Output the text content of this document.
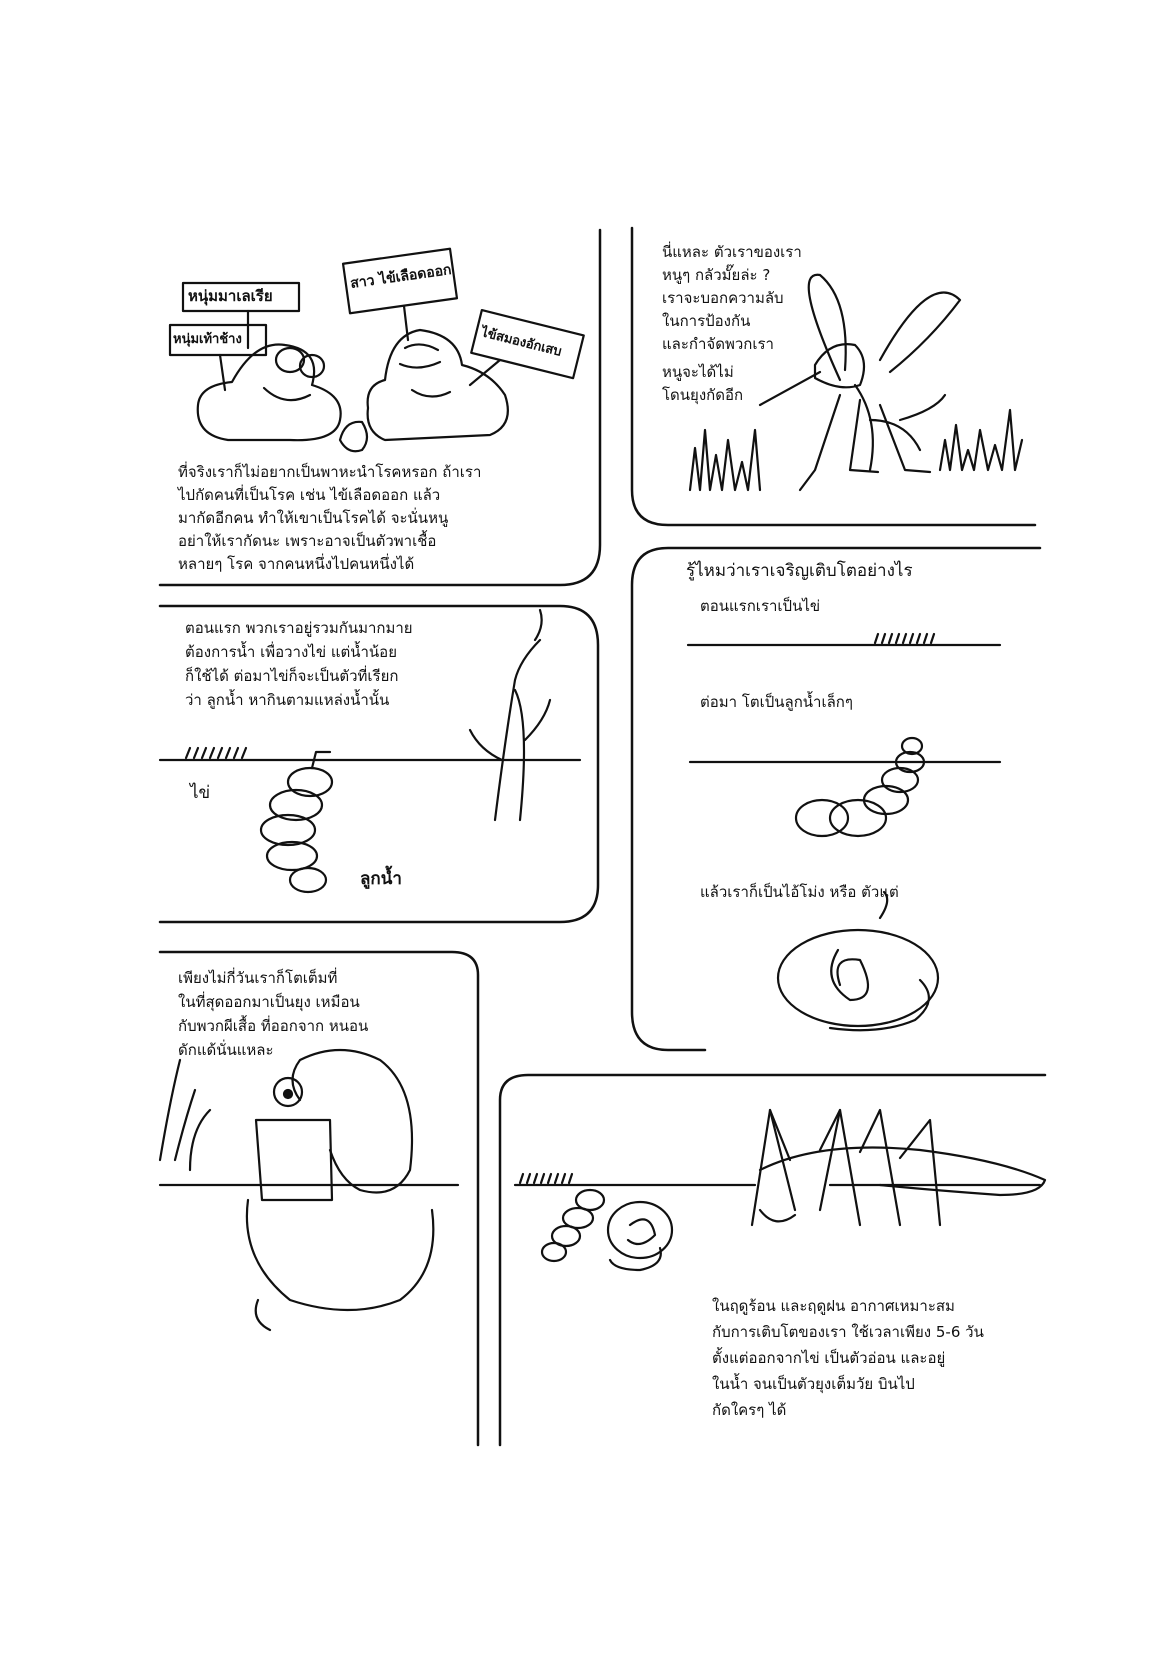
หนุ่มมาเลเรีย
หนุ่มเท้าช้าง
สาว ไข้เลือดออก
ไข้สมองอักเสบ
ที่จริงเราก็ไม่อยากเป็นพาหะนำโรคหรอก ถ้าเรา
ไปกัดคนที่เป็นโรค เช่น ไข้เลือดออก แล้ว
มากัดอีกคน ทำให้เขาเป็นโรคได้ จะนั่นหนู
อย่าให้เรากัดนะ เพราะอาจเป็นตัวพาเชื้อ
หลายๆ โรค จากคนหนึ่งไปคนหนึ่งได้
นี่แหละ ตัวเราของเรา
หนูๆ กลัวมั๊ยล่ะ ?
เราจะบอกความลับ
ในการป้องกัน
และกำจัดพวกเรา
หนูจะได้ไม่
โดนยุงกัดอีก
ตอนแรก พวกเราอยู่รวมกันมากมาย
ต้องการน้ำ เพื่อวางไข่ แต่น้ำน้อย
ก็ใช้ได้ ต่อมาไข่ก็จะเป็นตัวที่เรียก
ว่า ลูกน้ำ หากินตามแหล่งน้ำนั้น
ไข่
ลูกน้ำ
รู้ไหมว่าเราเจริญเติบโตอย่างไร
ตอนแรกเราเป็นไข่
ต่อมา โตเป็นลูกน้ำเล็กๆ
แล้วเราก็เป็นไอ้โม่ง หรือ ตัวแต่
เพียงไม่กี่วันเราก็โตเต็มที่
ในที่สุดออกมาเป็นยุง เหมือน
กับพวกผีเสื้อ ที่ออกจาก หนอน
ดักแด้นั่นแหละ
ในฤดูร้อน และฤดูฝน อากาศเหมาะสม
กับการเติบโตของเรา ใช้เวลาเพียง 5-6 วัน
ตั้งแต่ออกจากไข่ เป็นตัวอ่อน และอยู่
ในน้ำ จนเป็นตัวยุงเต็มวัย บินไป
กัดใครๆ ได้
